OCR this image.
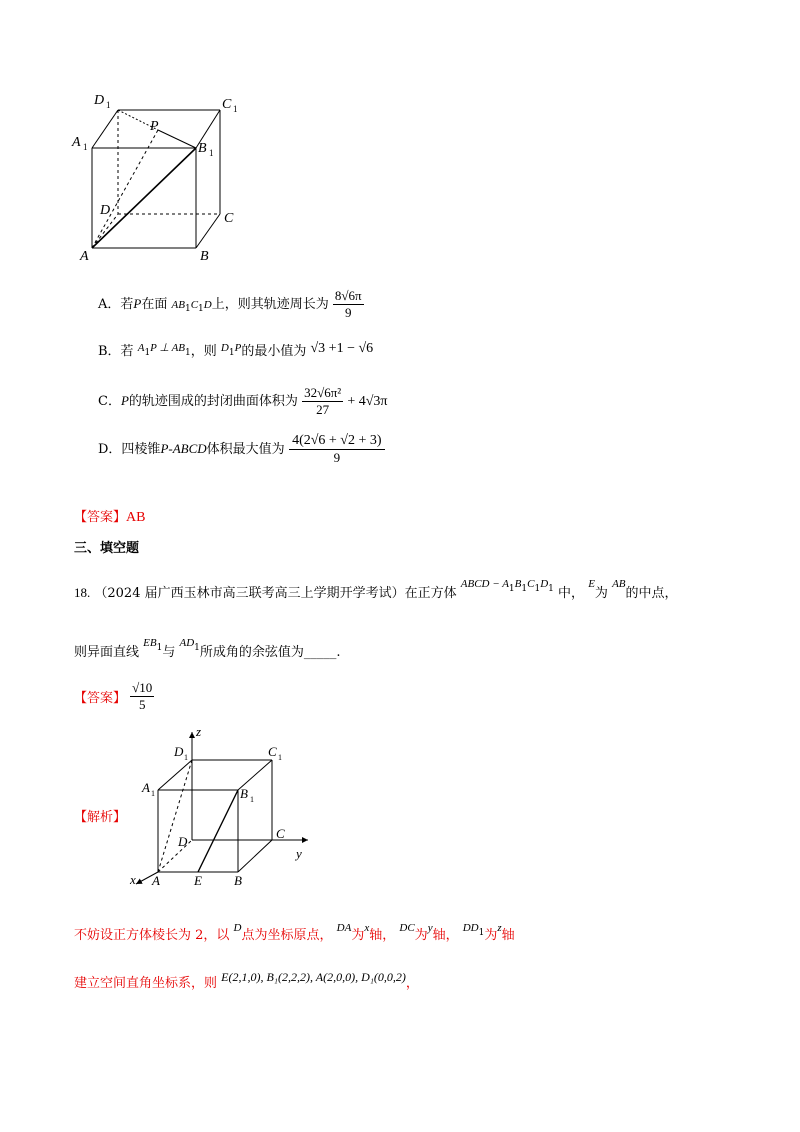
D 1	C 1
A 1	B 1
P
D
C
A	B
A．若P在面 $AB_1C_1D$上，则其轨迹周长为 $\frac{8√6\pi}{9}$
B．若 $^A1^{P \perp AB}1$，则 $^D1^P$的最小值为 √3 +1 − √6
C．P的轨迹围成的封闭曲面体积为 $\frac{\text{32√6π²}}{27} + 4√3\pi$
D．四棱锥P-ABCD体积最大值为 $\frac{4(2√6 + √2 + 3)}{9}$
【答案】AB
三、填空题
18. （2024 届广西玉林市高三联考高三上学期开学考试）在正方体 $^{ABCD - A1B1C1D1}$ 中， $^E$为 $^{AB}$的中点，
则异面直线 $^{EB1}$与 $^{AD1}$所成角的余弦值为_____.
【答案】 $\frac{√10}{5}$
【解析】
z
D 1	C 1
A 1	B 1
D
C
y
x A	E B
不妨设正方体棱长为 2，以 $^D$点为坐标原点， $^{DA}$为$^x$轴， $^{DC}$为$^y$轴， $^{DD1}$为$^z$轴
建立空间直角坐标系，则 E(2,1,0), B₁(2,2,2), A(2,0,0), D₁(0,0,2)，
